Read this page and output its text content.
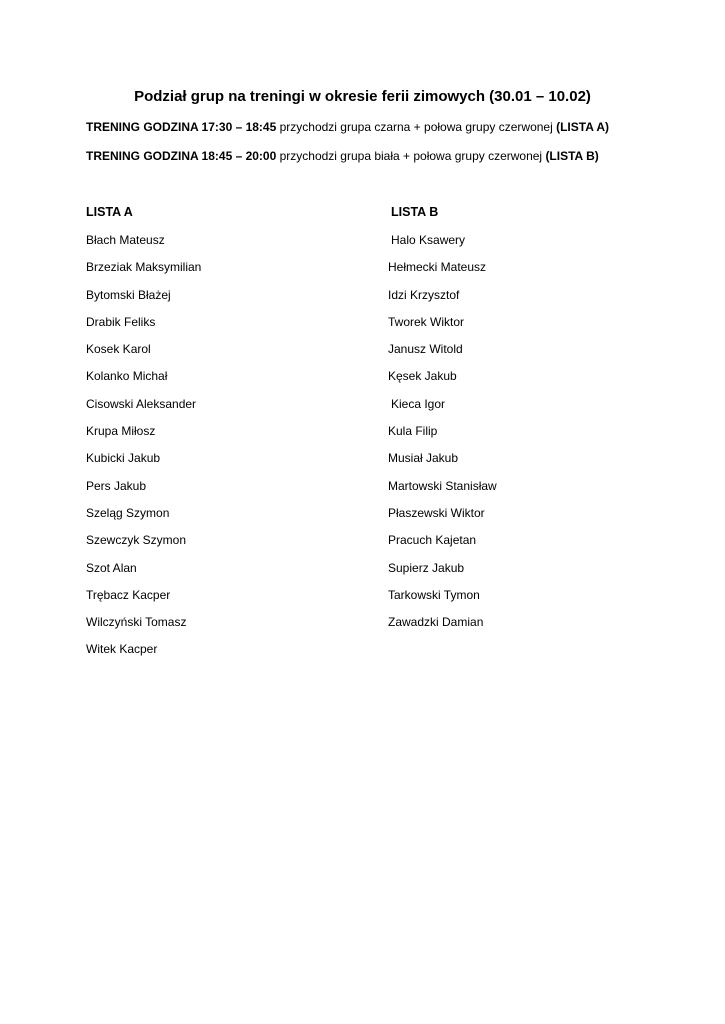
Podział grup na treningi w okresie ferii zimowych (30.01 – 10.02)
TRENING GODZINA 17:30 – 18:45 przychodzi grupa czarna + połowa grupy czerwonej (LISTA A)
TRENING GODZINA 18:45 – 20:00 przychodzi grupa biała + połowa grupy czerwonej (LISTA B)
LISTA A	LISTA B
Błach Mateusz
Brzeziak Maksymilian
Bytomski Błażej
Drabik Feliks
Kosek Karol
Kolanko Michał
Cisowski Aleksander
Krupa Miłosz
Kubicki Jakub
Pers Jakub
Szeląg Szymon
Szewczyk Szymon
Szot Alan
Trębacz Kacper
Wilczyński Tomasz
Witek Kacper
Halo Ksawery
Hełmecki Mateusz
Idzi Krzysztof
Tworek Wiktor
Janusz Witold
Kęsek Jakub
Kieca Igor
Kula Filip
Musiał Jakub
Martowski Stanisław
Płaszewski Wiktor
Pracuch Kajetan
Supierz Jakub
Tarkowski Tymon
Zawadzki Damian
